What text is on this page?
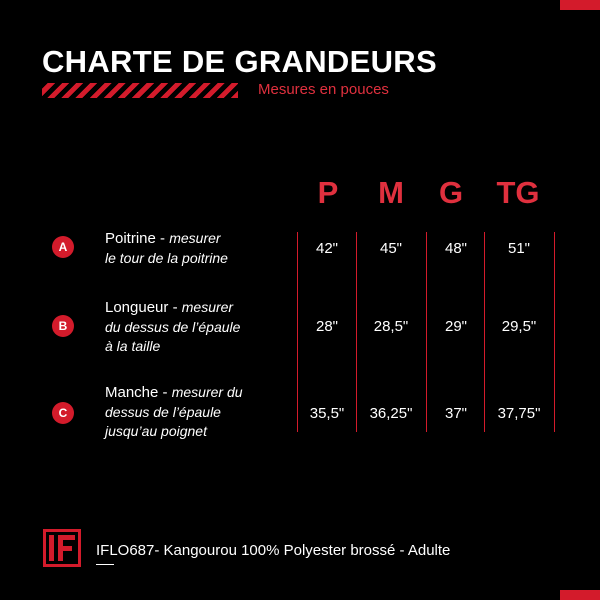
CHARTE DE GRANDEURS
Mesures en pouces
P	M	G	TG
A	Poitrine - mesurer
le tour de la poitrine
42"	45"	48"	51"
B
Longueur - mesurer
du dessus de l’épaule
à la taille
28"	28,5"	29"	29,5"
C
Manche - mesurer du
dessus de l’épaule
jusqu’au poignet
35,5"	36,25"	37"	37,75"
IFLO687- Kangourou 100% Polyester brossé - Adulte
